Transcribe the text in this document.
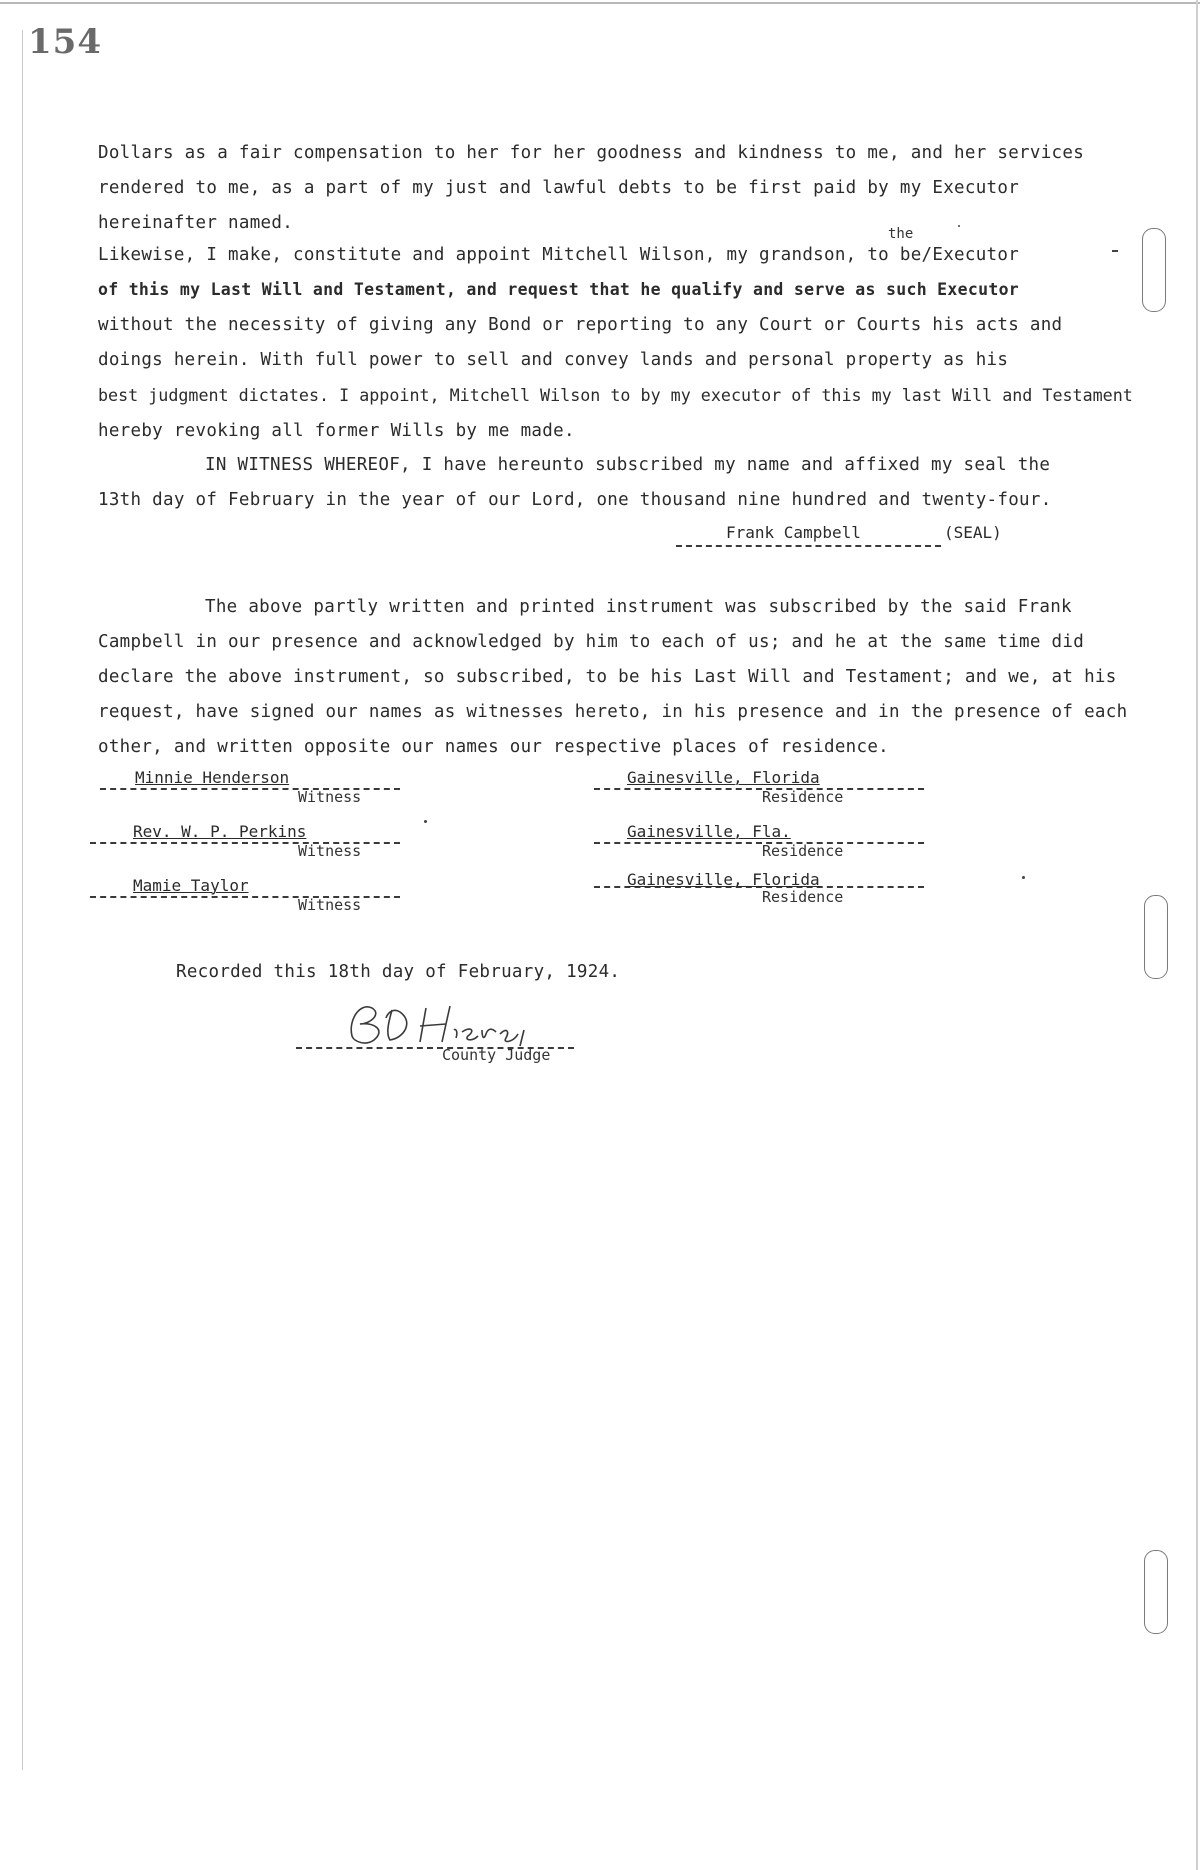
154
Dollars as a fair compensation to her for her goodness and kindness to me, and her services
rendered to me, as a part of my just and lawful debts to be first paid by my Executor
hereinafter named.
the
Likewise, I make, constitute and appoint Mitchell Wilson, my grandson, to be/Executor
of this my Last Will and Testament, and request that he qualify and serve as such Executor
without the necessity of giving any Bond or reporting to any Court or Courts his acts and
doings herein. With full power to sell and convey lands and personal property as his
best judgment dictates. I appoint, Mitchell Wilson to by my executor of this my last Will and Testament
hereby revoking all former Wills by me made.
IN WITNESS WHEREOF, I have hereunto subscribed my name and affixed my seal the
13th day of February in the year of our Lord, one thousand nine hundred and twenty-four.
Frank Campbell	(SEAL)
The above partly written and printed instrument was subscribed by the said Frank
Campbell in our presence and acknowledged by him to each of us; and he at the same time did
declare the above instrument, so subscribed, to be his Last Will and Testament; and we, at his
request, have signed our names as witnesses hereto, in his presence and in the presence of each
other, and written opposite our names our respective places of residence.
Minnie Henderson
Witness
Gainesville, Florida
Residence
Rev. W. P. Perkins
Witness
Gainesville, Fla.
Residence
Mamie Taylor
Witness
Gainesville, Florida
Residence
Recorded this 18th day of February, 1924.
County Judge
